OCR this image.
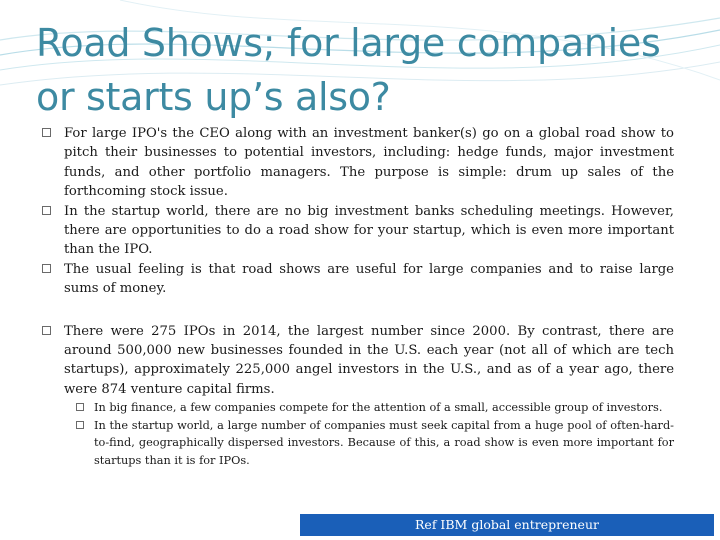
Road Shows; for large companies or starts up’s also?
For large IPO's the CEO along with an investment banker(s) go on a global road show to pitch their businesses to potential investors, including: hedge funds, major investment funds, and other portfolio managers. The purpose is simple: drum up sales of the forthcoming stock issue.
In the startup world, there are no big investment banks scheduling meetings. However, there are opportunities to do a road show for your startup, which is even more important than the IPO.
The usual feeling is that road shows are useful for large companies and to raise large sums of money.
There were 275 IPOs in 2014, the largest number since 2000. By contrast, there are around 500,000 new businesses founded in the U.S. each year (not all of which are tech startups), approximately 225,000 angel investors in the U.S., and as of a year ago, there were 874 venture capital firms.
In big finance, a few companies compete for the attention of a small, accessible group of investors.
In the startup world, a large number of companies must seek capital from a huge pool of often-hard-to-find, geographically dispersed investors. Because of this, a road show is even more important for startups than it is for IPOs.
Ref IBM global entrepreneur
